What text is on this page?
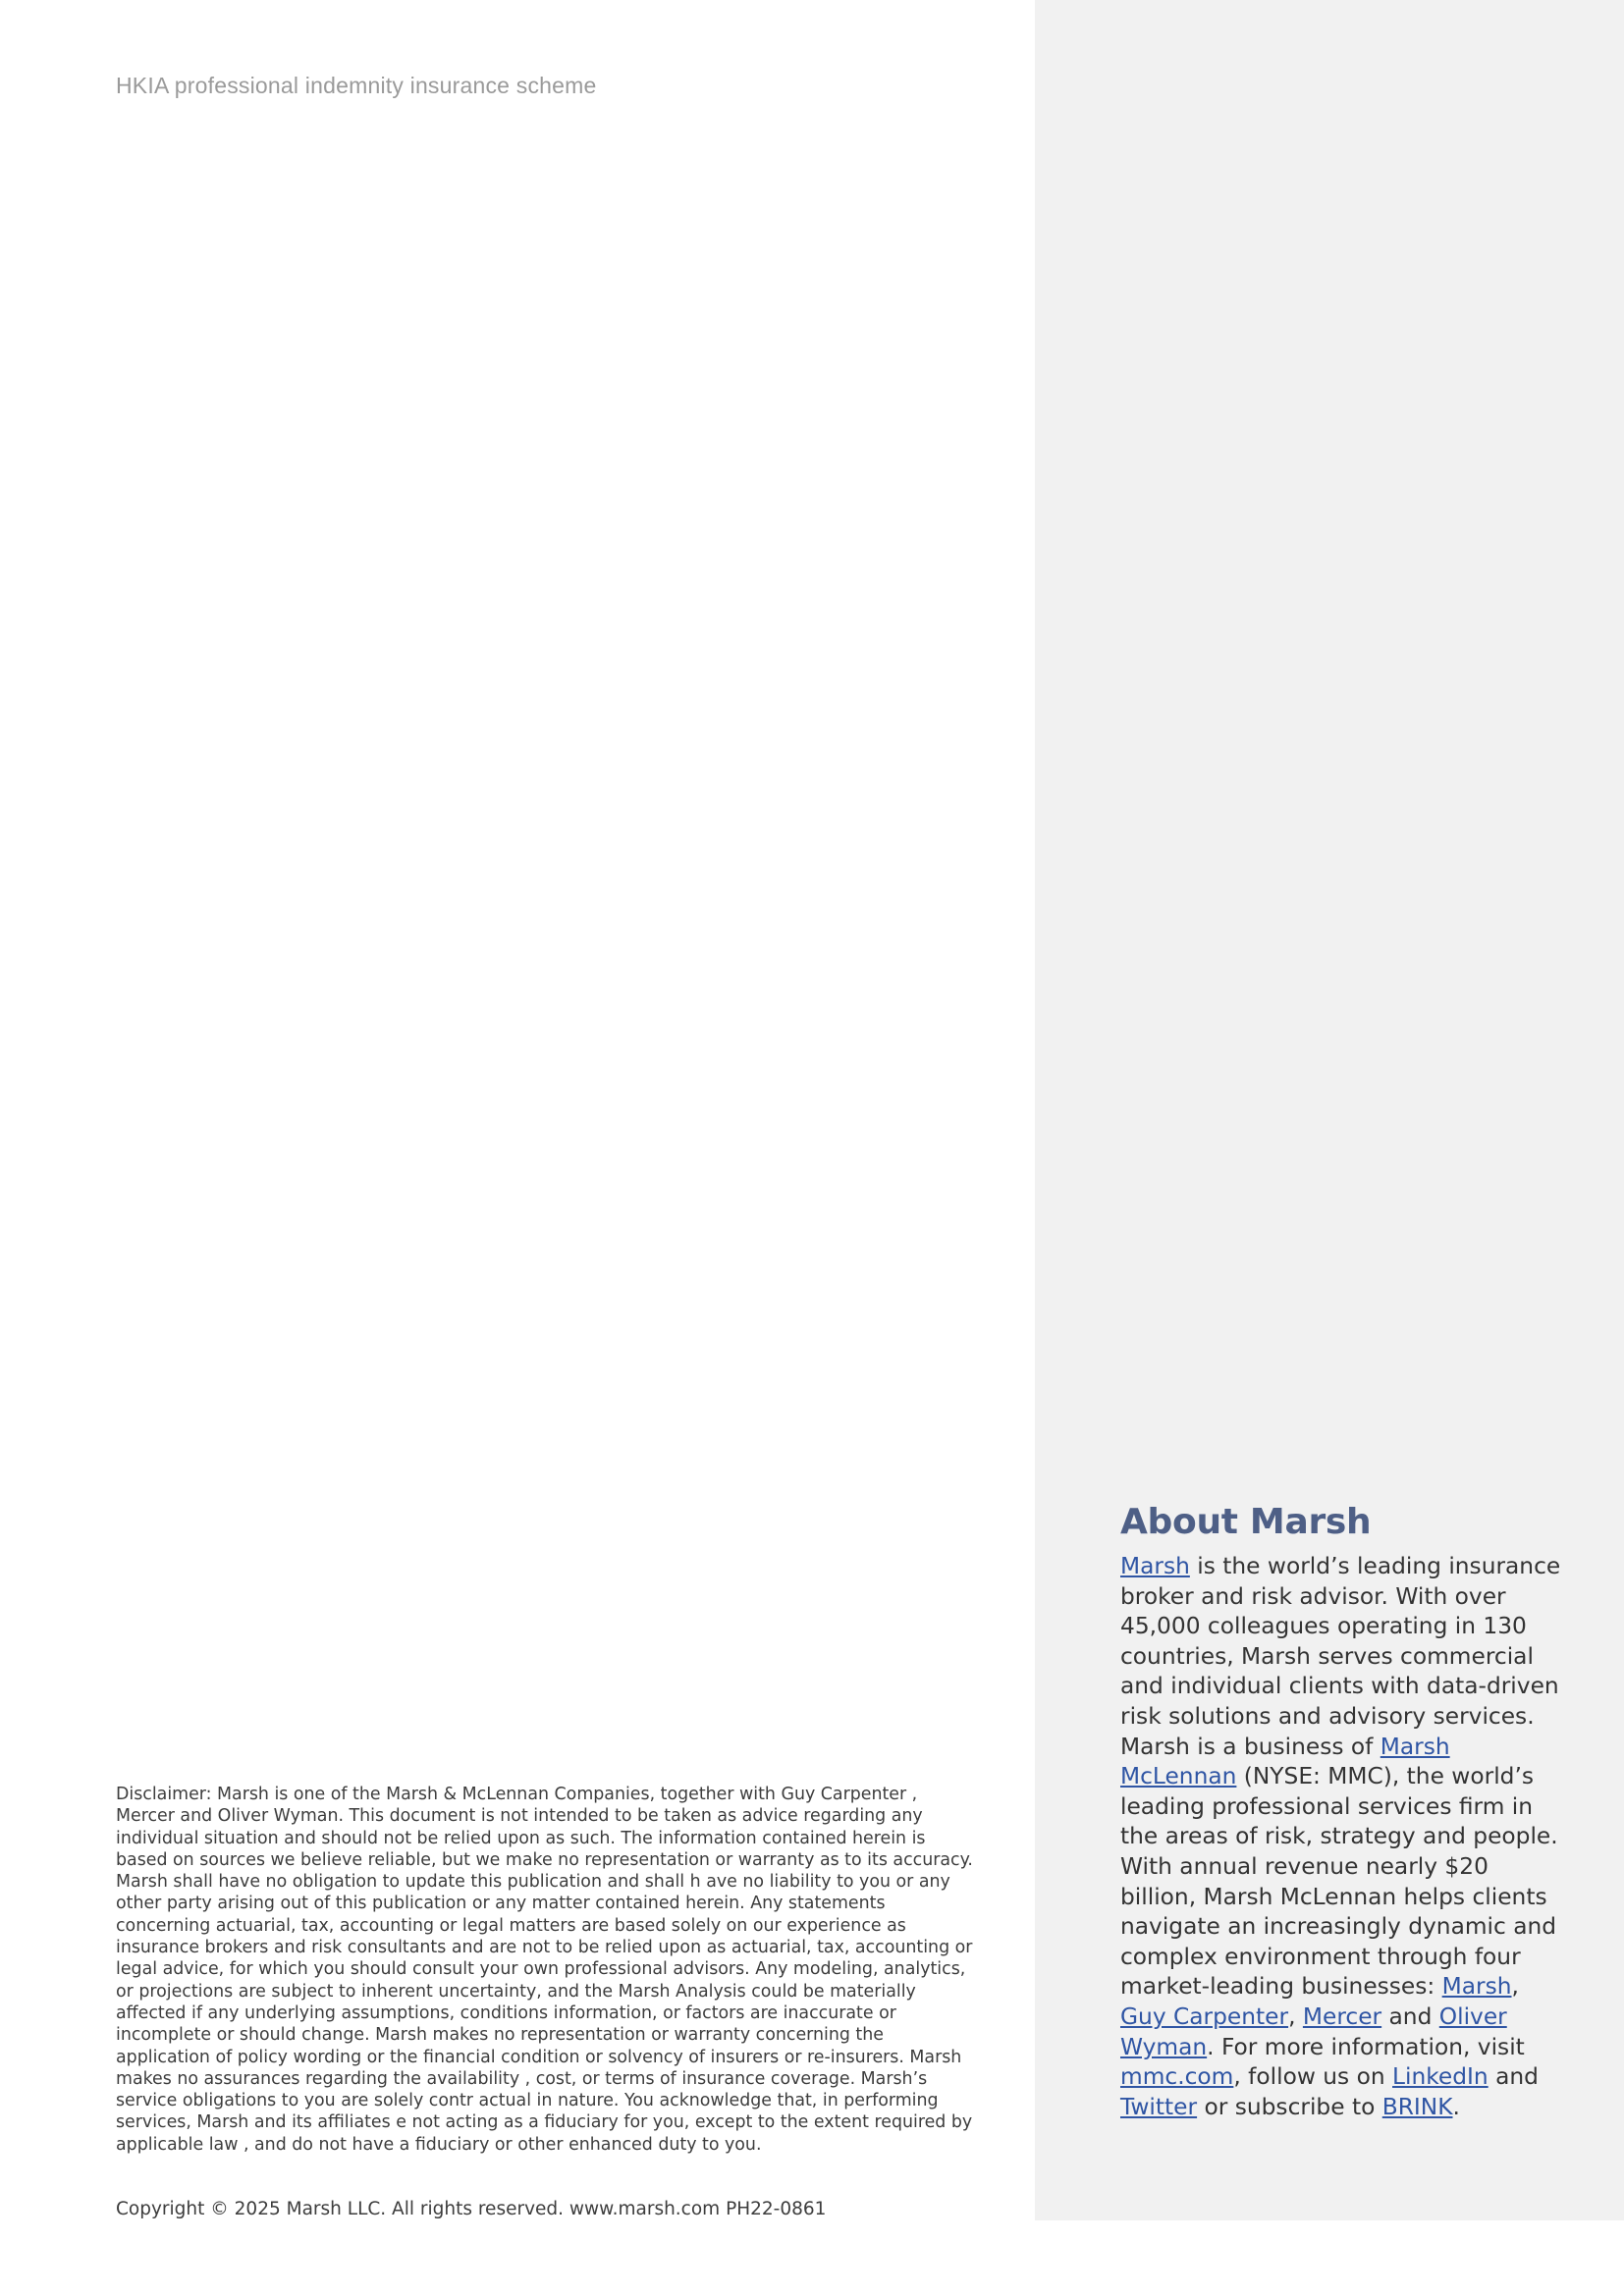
HKIA professional indemnity insurance scheme
About Marsh

Marsh is the world’s leading insurance broker and risk advisor. With over 45,000 colleagues operating in 130 countries, Marsh serves commercial and individual clients with data-driven risk solutions and advisory services. Marsh is a business of Marsh McLennan (NYSE: MMC), the world’s leading professional services firm in the areas of risk, strategy and people. With annual revenue nearly $20 billion, Marsh McLennan helps clients navigate an increasingly dynamic and complex environment through four market-leading businesses: Marsh, Guy Carpenter, Mercer and Oliver Wyman. For more information, visit mmc.com, follow us on LinkedIn and Twitter or subscribe to BRINK.

Disclaimer: Marsh is one of the Marsh & McLennan Companies, together with Guy Carpenter , Mercer and Oliver Wyman. This document is not intended to be taken as advice regarding any individual situation and should not be relied upon as such. The information contained herein is based on sources we believe reliable, but we make no representation or warranty as to its accuracy. Marsh shall have no obligation to update this publication and shall h ave no liability to you or any other party arising out of this publication or any matter contained herein. Any statements concerning actuarial, tax, accounting or legal matters are based solely on our experience as insurance brokers and risk consultants and are not to be relied upon as actuarial, tax, accounting or legal advice, for which you should consult your own professional advisors. Any modeling, analytics, or projections are subject to inherent uncertainty, and the Marsh Analysis could be materially affected if any underlying assumptions, conditions information, or factors are inaccurate or incomplete or should change. Marsh makes no representation or warranty concerning the application of policy wording or the financial condition or solvency of insurers or re-insurers. Marsh makes no assurances regarding the availability , cost, or terms of insurance coverage. Marsh’s service obligations to you are solely contr actual in nature. You acknowledge that, in performing services, Marsh and its affiliates e not acting as a fiduciary for you, except to the extent required by applicable law , and do not have a fiduciary or other enhanced duty to you.

Copyright © 2025 Marsh LLC. All rights reserved. www.marsh.com PH22-0861
